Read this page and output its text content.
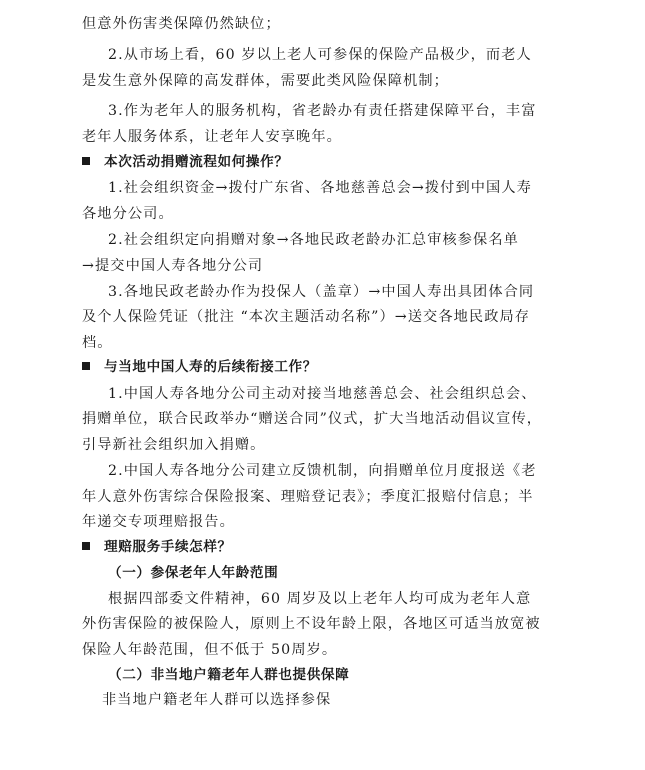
但意外伤害类保障仍然缺位；
2.从市场上看，60 岁以上老人可参保的保险产品极少，而老人
是发生意外保障的高发群体，需要此类风险保障机制；
3.作为老年人的服务机构，省老龄办有责任搭建保障平台，丰富
老年人服务体系，让老年人安享晚年。
本次活动捐赠流程如何操作？
1.社会组织资金→拨付广东省、各地慈善总会→拨付到中国人寿
各地分公司。
2.社会组织定向捐赠对象→各地民政老龄办汇总审核参保名单
→提交中国人寿各地分公司
3.各地民政老龄办作为投保人（盖章）→中国人寿出具团体合同
及个人保险凭证（批注 “本次主题活动名称”）→送交各地民政局存
档。
与当地中国人寿的后续衔接工作？
1.中国人寿各地分公司主动对接当地慈善总会、社会组织总会、
捐赠单位，联合民政举办“赠送合同”仪式，扩大当地活动倡议宣传，
引导新社会组织加入捐赠。
2.中国人寿各地分公司建立反馈机制，向捐赠单位月度报送《老
年人意外伤害综合保险报案、理赔登记表》；季度汇报赔付信息；半
年递交专项理赔报告。
理赔服务手续怎样？
（一）参保老年人年龄范围
根据四部委文件精神，60 周岁及以上老年人均可成为老年人意
外伤害保险的被保险人，原则上不设年龄上限，各地区可适当放宽被
保险人年龄范围，但不低于 50周岁。
（二）非当地户籍老年人群也提供保障
非当地户籍老年人群可以选择参保
